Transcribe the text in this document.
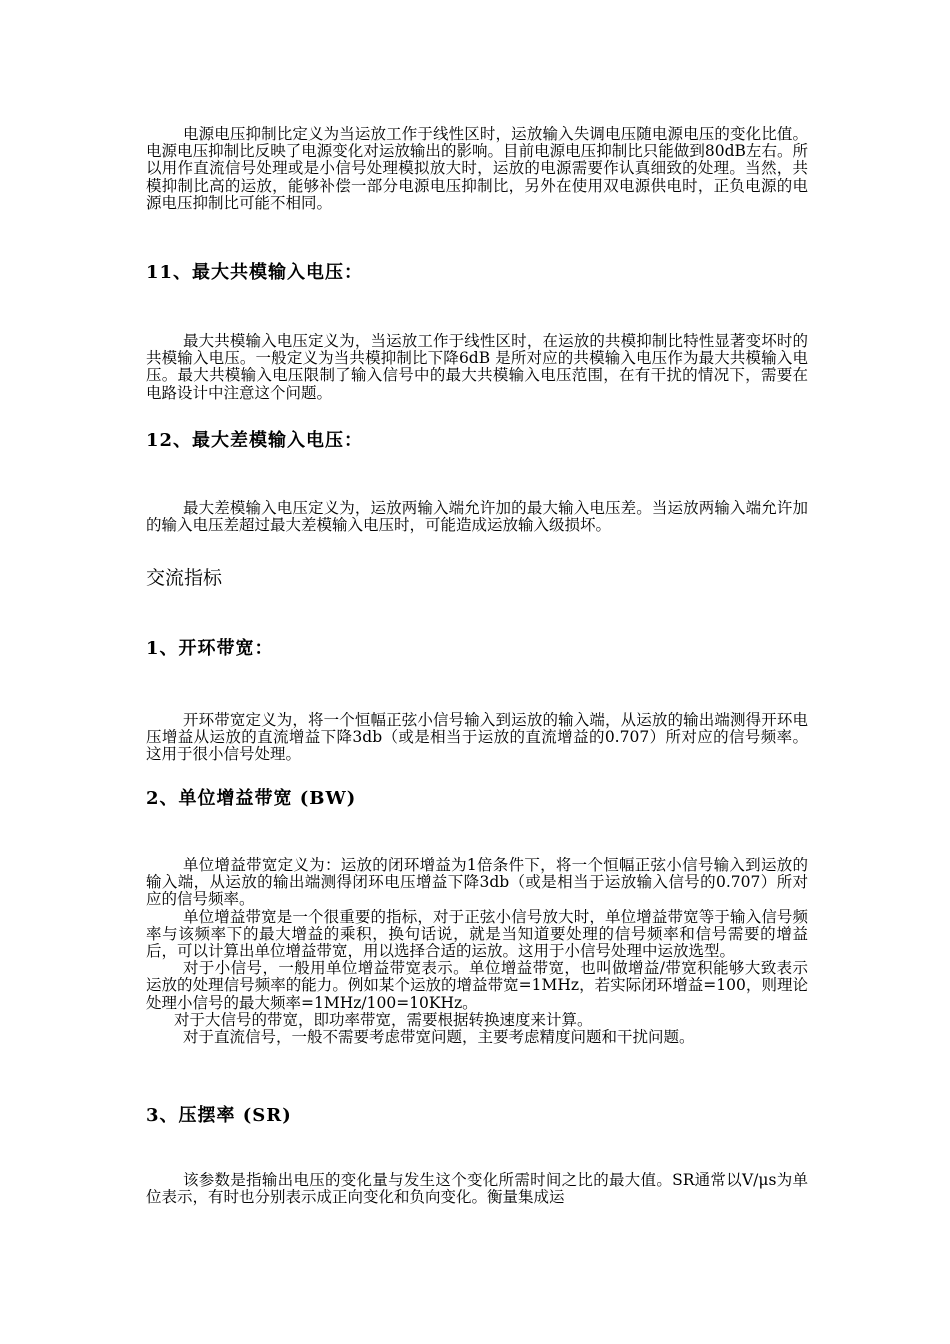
电源电压抑制比定义为当运放工作于线性区时，运放输入失调电压随电源电压的变化比值。电源电压抑制比反映了电源变化对运放输出的影响。目前电源电压抑制比只能做到80dB左右。所以用作直流信号处理或是小信号处理模拟放大时，运放的电源需要作认真细致的处理。当然，共模抑制比高的运放，能够补偿一部分电源电压抑制比，另外在使用双电源供电时，正负电源的电源电压抑制比可能不相同。

11、最大共模输入电压：

最大共模输入电压定义为，当运放工作于线性区时，在运放的共模抑制比特性显著变坏时的共模输入电压。一般定义为当共模抑制比下降6dB 是所对应的共模输入电压作为最大共模输入电压。最大共模输入电压限制了输入信号中的最大共模输入电压范围，在有干扰的情况下，需要在电路设计中注意这个问题。

12、最大差模输入电压：

最大差模输入电压定义为，运放两输入端允许加的最大输入电压差。当运放两输入端允许加的输入电压差超过最大差模输入电压时，可能造成运放输入级损坏。

交流指标
1、开环带宽：

开环带宽定义为，将一个恒幅正弦小信号输入到运放的输入端，从运放的输出端测得开环电压增益从运放的直流增益下降3db（或是相当于运放的直流增益的0.707）所对应的信号频率。这用于很小信号处理。

2、单位增益带宽 (BW)

单位增益带宽定义为：运放的闭环增益为1倍条件下，将一个恒幅正弦小信号输入到运放的输入端，从运放的输出端测得闭环电压增益下降3db（或是相当于运放输入信号的0.707）所对应的信号频率。

单位增益带宽是一个很重要的指标，对于正弦小信号放大时，单位增益带宽等于输入信号频率与该频率下的最大增益的乘积，换句话说，就是当知道要处理的信号频率和信号需要的增益后，可以计算出单位增益带宽，用以选择合适的运放。这用于小信号处理中运放选型。

对于小信号，一般用单位增益带宽表示。单位增益带宽，也叫做增益/带宽积能够大致表示运放的处理信号频率的能力。例如某个运放的增益带宽=1MHz，若实际闭环增益=100，则理论处理小信号的最大频率=1MHz/100=10KHz。

对于大信号的带宽，即功率带宽，需要根据转换速度来计算。

对于直流信号，一般不需要考虑带宽问题，主要考虑精度问题和干扰问题。

3、压摆率 (SR)

该参数是指输出电压的变化量与发生这个变化所需时间之比的最大值。SR通常以V/μs为单位表示，有时也分别表示成正向变化和负向变化。衡量集成运
